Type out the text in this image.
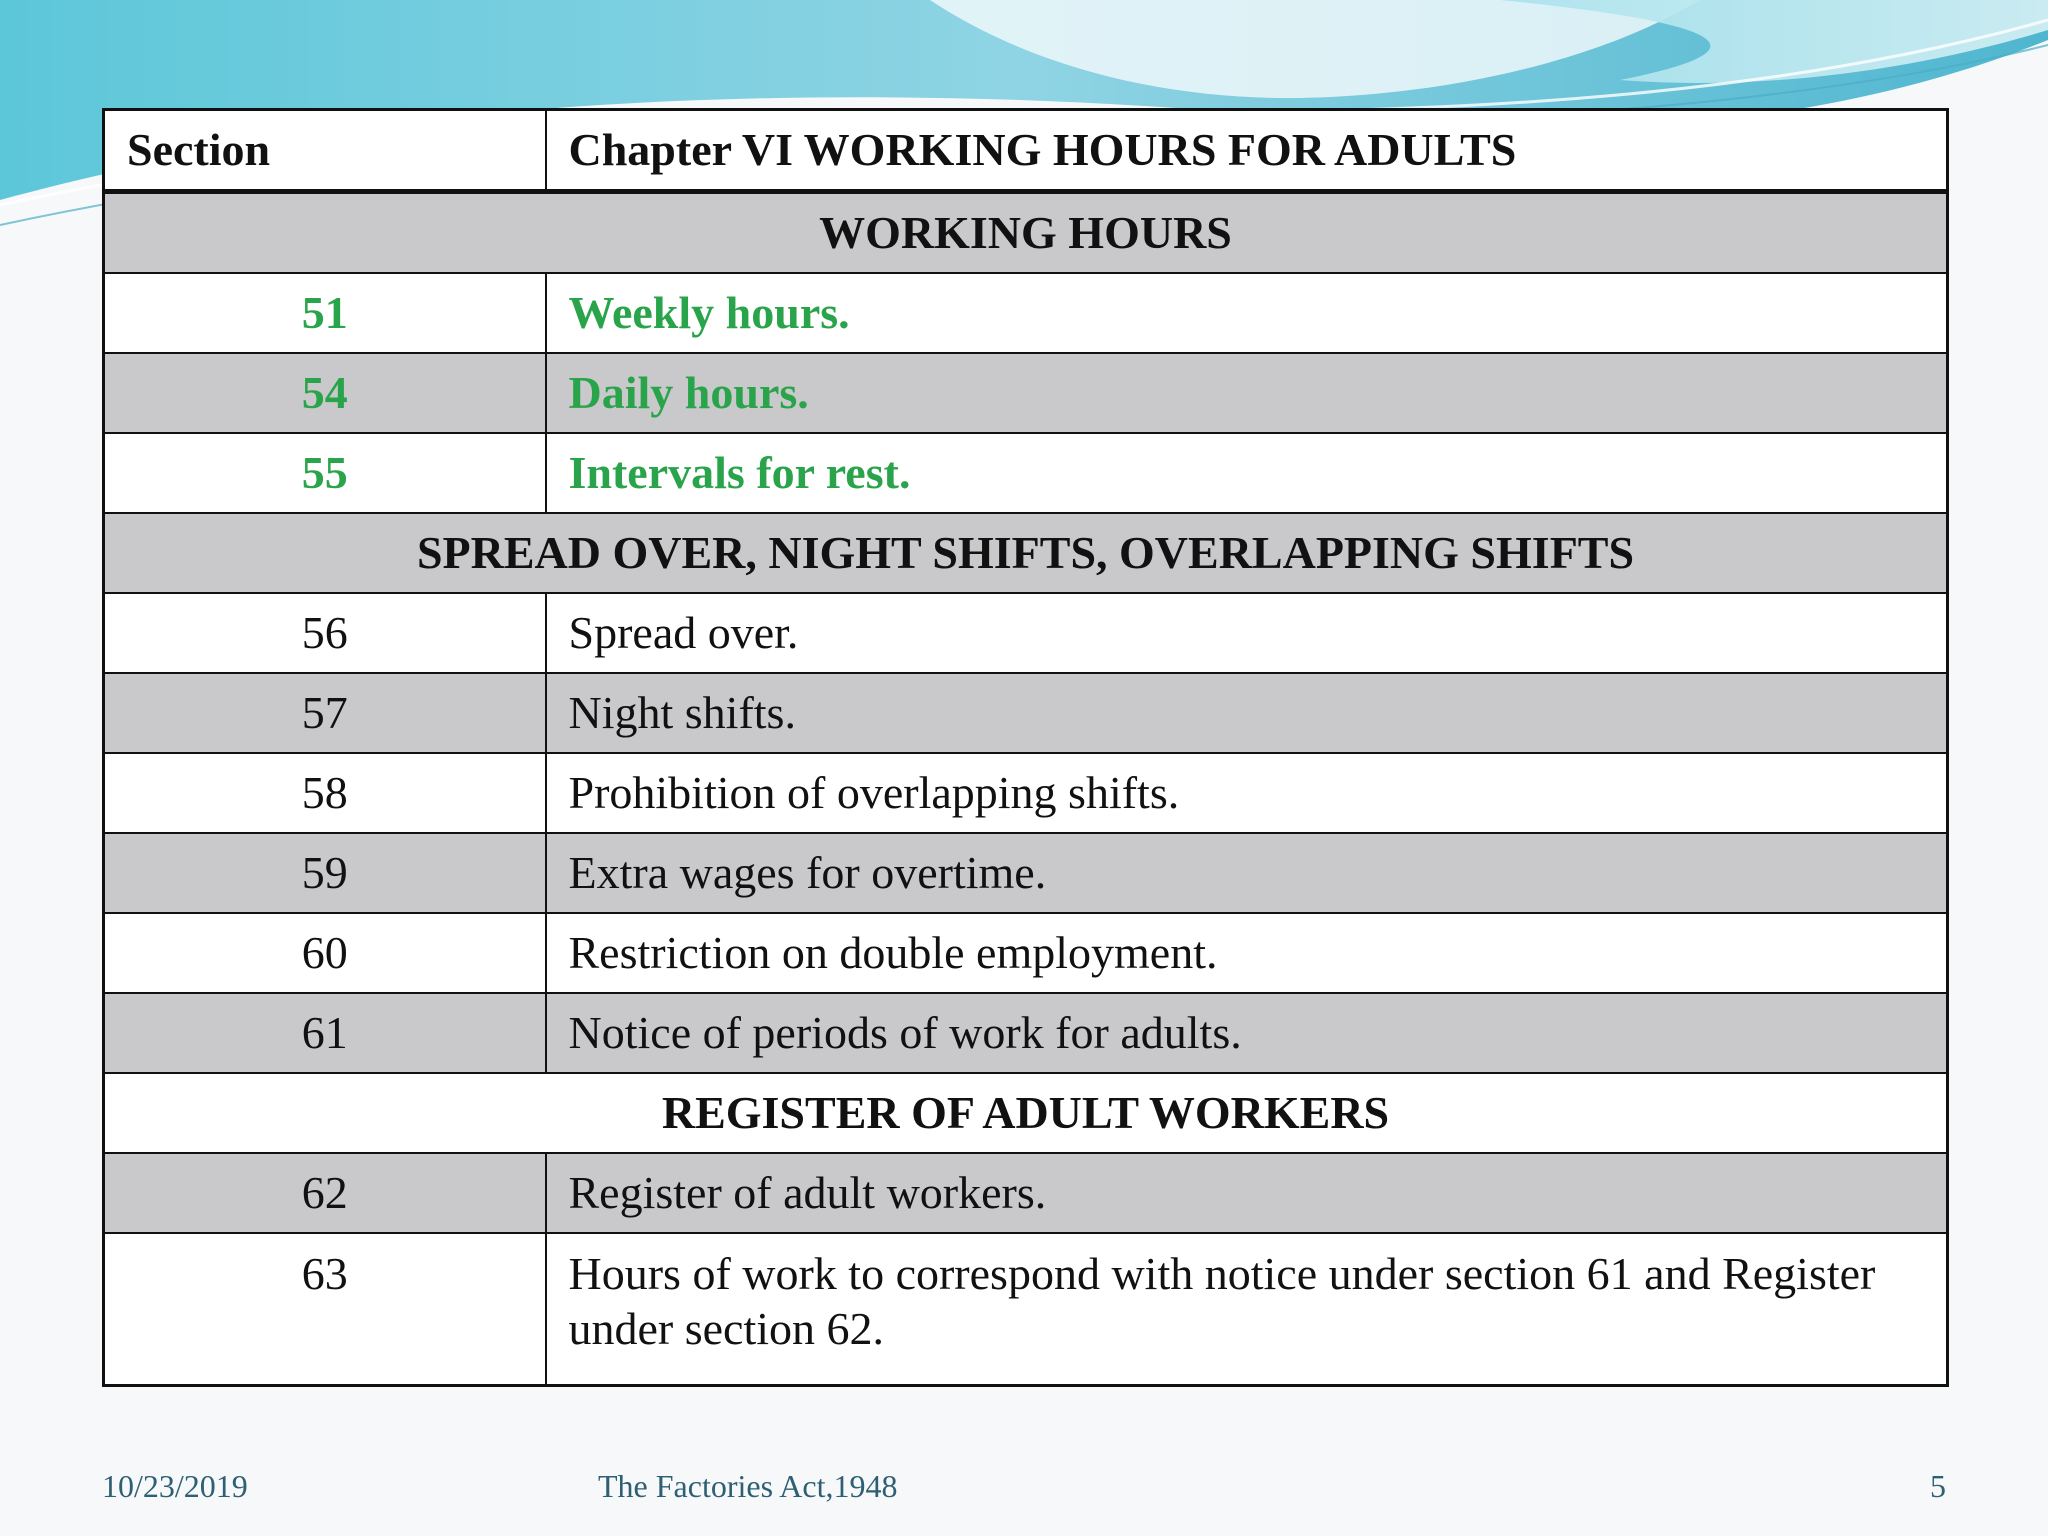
Section	Chapter VI WORKING HOURS FOR ADULTS
WORKING HOURS	
51	Weekly hours.
54	Daily hours.
55	Intervals for rest.
SPREAD OVER, NIGHT SHIFTS, OVERLAPPING SHIFTS	
56	Spread over.
57	Night shifts.
58	Prohibition of overlapping shifts.
59	Extra wages for overtime.
60	Restriction on double employment.
61	Notice of periods of work for adults.
REGISTER OF ADULT WORKERS	
62	Register of adult workers.
63	Hours of work to correspond with notice under section 61 and Register under section 62.
10/23/2019	The Factories Act,1948	5
